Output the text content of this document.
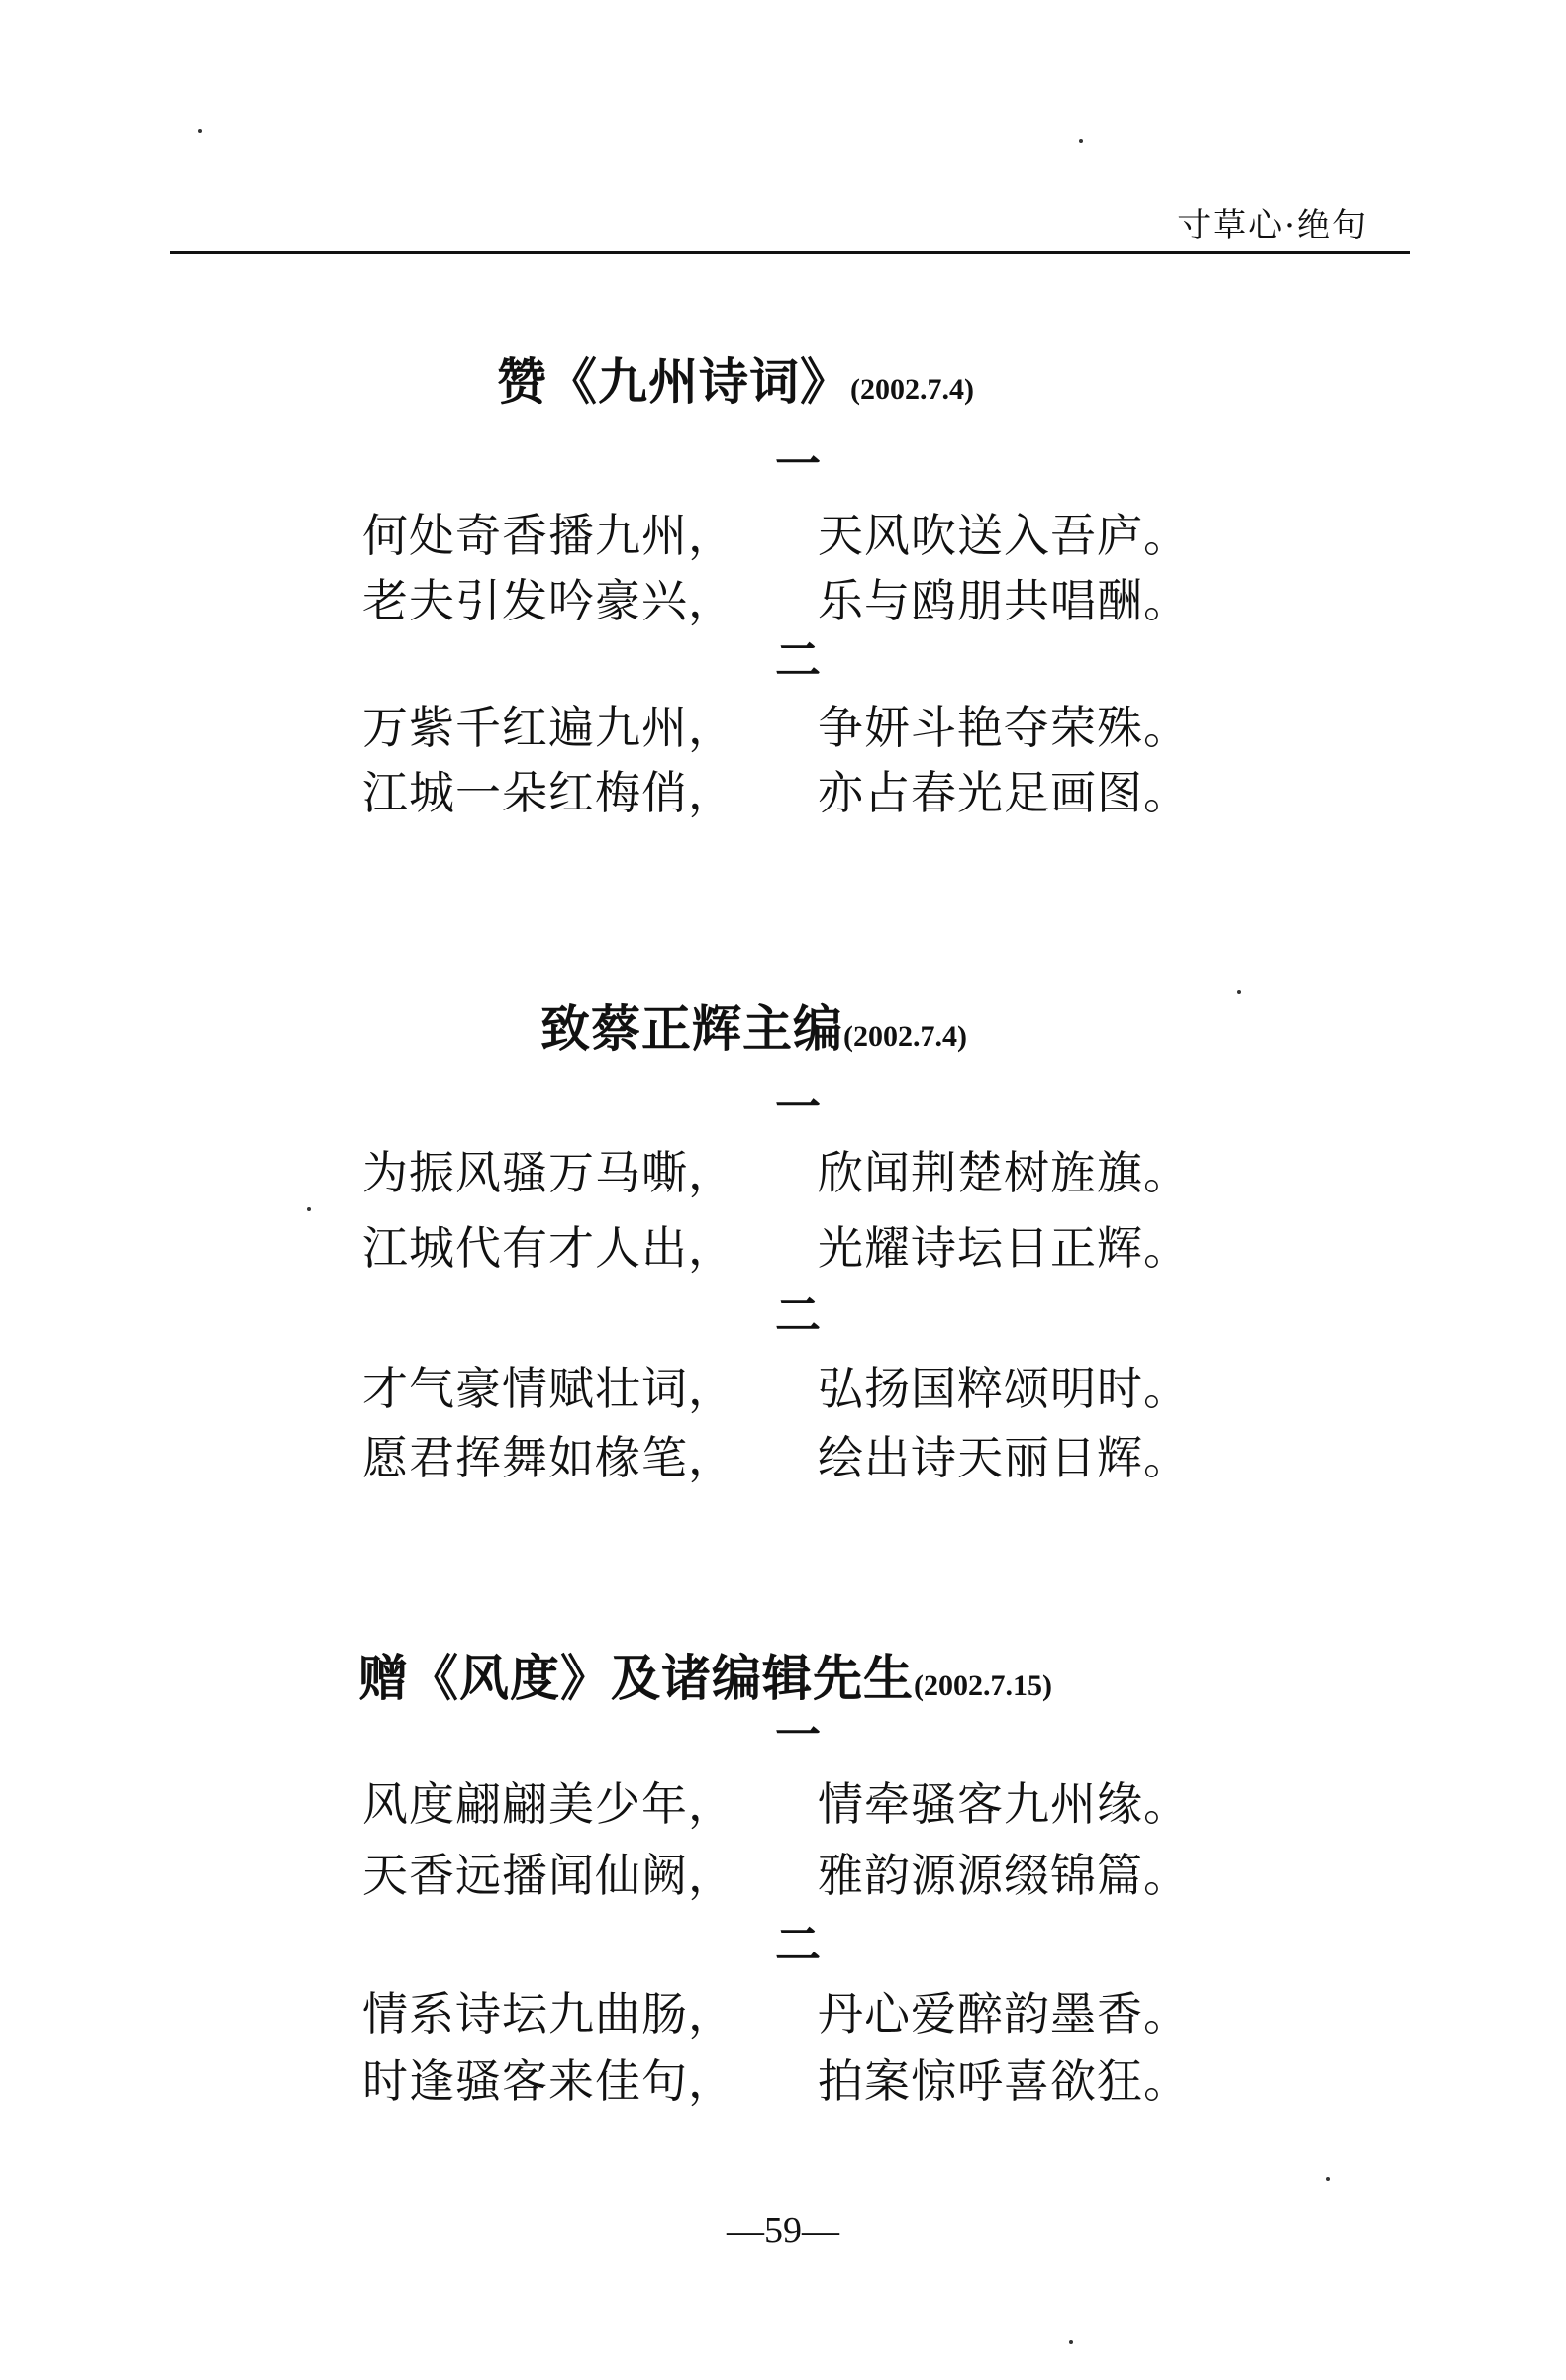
寸草心·绝句
赞《九州诗词》(2002.7.4)
一
何处奇香播九州， 天风吹送入吾庐。
老夫引发吟豪兴， 乐与鸥朋共唱酬。
二
万紫千红遍九州， 争妍斗艳夺荣殊。
江城一朵红梅俏， 亦占春光足画图。
致蔡正辉主编(2002.7.4)
一
为振风骚万马嘶， 欣闻荆楚树旌旗。
江城代有才人出， 光耀诗坛日正辉。
二
才气豪情赋壮词， 弘扬国粹颂明时。
愿君挥舞如椽笔， 绘出诗天丽日辉。
赠《风度》及诸编辑先生(2002.7.15)
一
风度翩翩美少年， 情牵骚客九州缘。
天香远播闻仙阙， 雅韵源源缀锦篇。
二
情系诗坛九曲肠， 丹心爱醉韵墨香。
时逢骚客来佳句， 拍案惊呼喜欲狂。
—59—
